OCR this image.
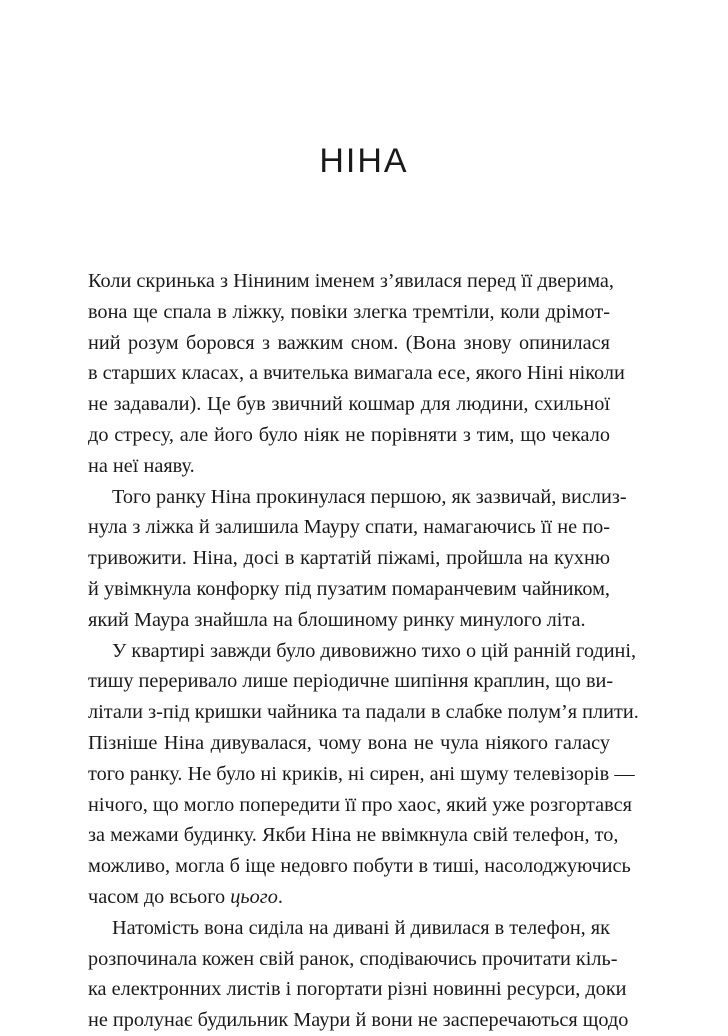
НІНА
Коли скринька з Ніниним іменем з’явилася перед її дверима,
вона ще спала в ліжку, повіки злегка тремтіли, коли дрімот-
ний розум боровся з важким сном. (Вона знову опинилася
в старших класах, а вчителька вимагала есе, якого Ніні ніколи
не задавали). Це був звичний кошмар для людини, схильної
до стресу, але його було ніяк не порівняти з тим, що чекало
на неї наяву.
Того ранку Ніна прокинулася першою, як зазвичай, вислиз-
нула з ліжка й залишила Мауру спати, намагаючись її не по-
тривожити. Ніна, досі в картатій піжамі, пройшла на кухню
й увімкнула конфорку під пузатим помаранчевим чайником,
який Маура знайшла на блошиному ринку минулого літа.
У квартирі завжди було дивовижно тихо о цій ранній годині,
тишу переривало лише періодичне шипіння краплин, що ви-
літали з-під кришки чайника та падали в слабке полум’я плити.
Пізніше Ніна дивувалася, чому вона не чула ніякого галасу
того ранку. Не було ні криків, ні сирен, ані шуму телевізорів —
нічого, що могло попередити її про хаос, який уже розгортався
за межами будинку. Якби Ніна не ввімкнула свій телефон, то,
можливо, могла б іще недовго побути в тиші, насолоджуючись
часом до всього цього.
Натомість вона сиділа на дивані й дивилася в телефон, як
розпочинала кожен свій ранок, сподіваючись прочитати кіль-
ка електронних листів і погортати різні новинні ресурси, доки
не пролунає будильник Маури й вони не засперечаються щодо
